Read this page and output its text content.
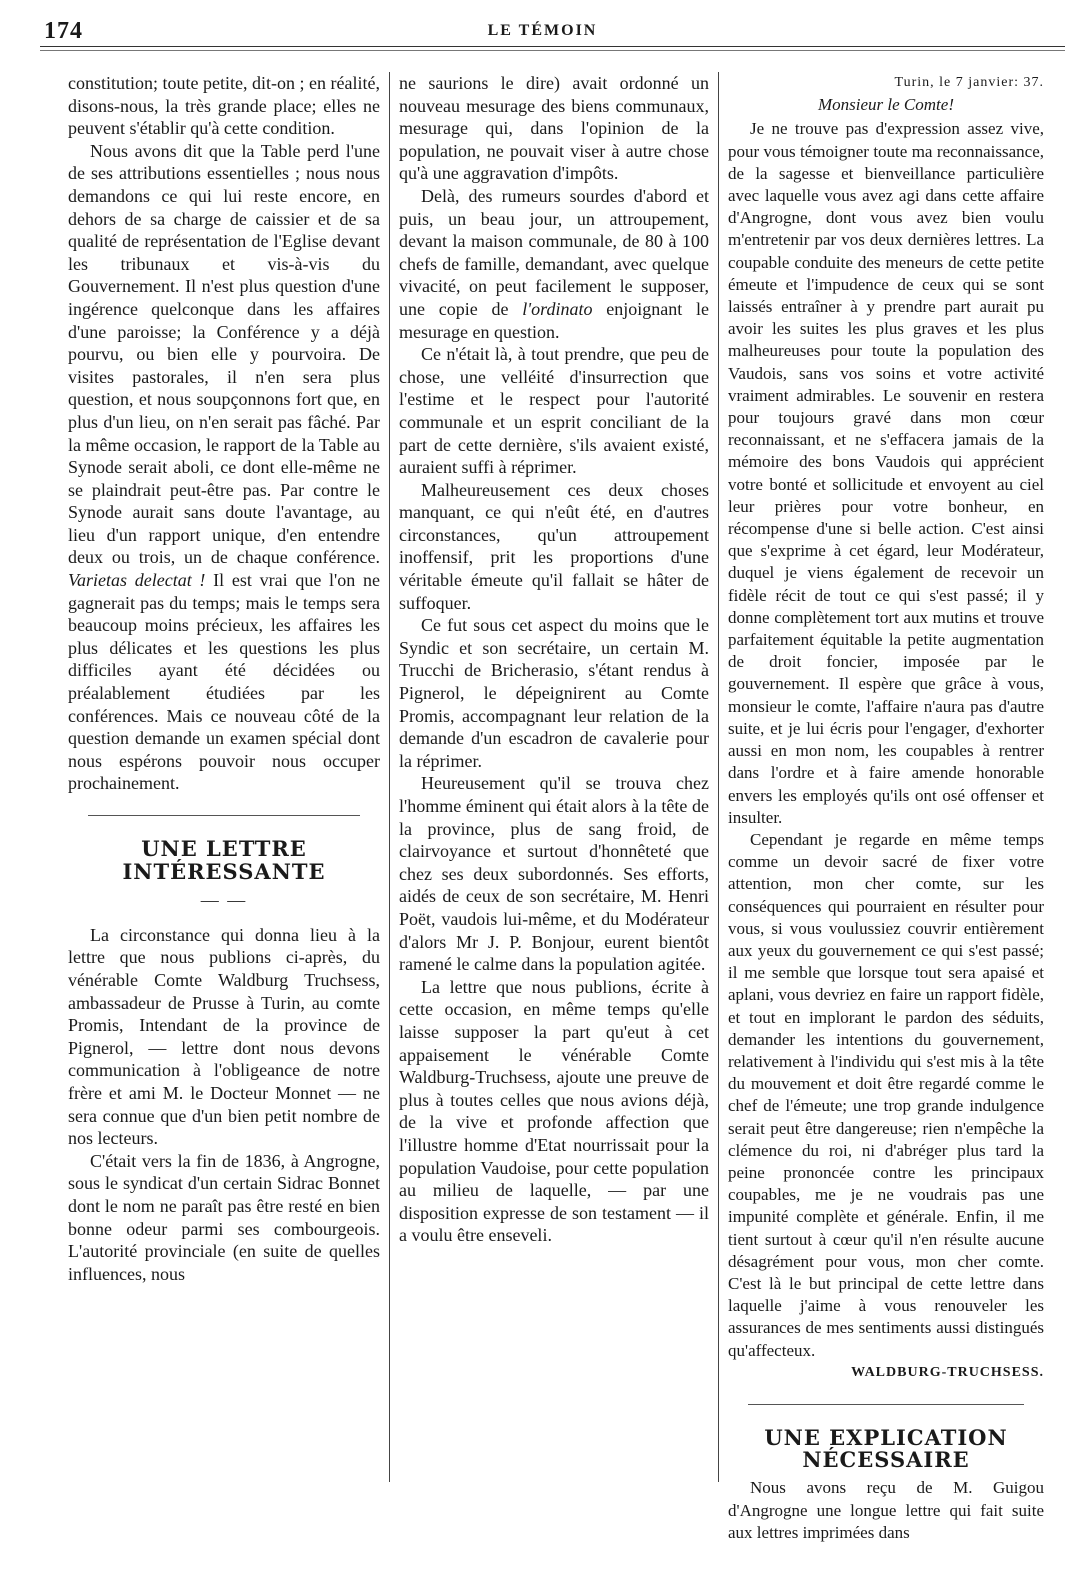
174	LE TÉMOIN

constitution; toute petite, dit-on ; en réalité, disons-nous, la très grande place; elles ne peuvent s'établir qu'à cette condition.

Nous avons dit que la Table perd l'une de ses attributions essentielles ; nous nous demandons ce qui lui reste encore, en dehors de sa charge de caissier et de sa qualité de représentation de l'Eglise devant les tribunaux et vis-à-vis du Gouvernement. Il n'est plus question d'une ingérence quelconque dans les affaires d'une paroisse; la Conférence y a déjà pourvu, ou bien elle y pourvoira. De visites pastorales, il n'en sera plus question, et nous soupçonnons fort que, en plus d'un lieu, on n'en serait pas fâché. Par la même occasion, le rapport de la Table au Synode serait aboli, ce dont elle-même ne se plaindrait peut-être pas. Par contre le Synode aurait sans doute l'avantage, au lieu d'un rapport unique, d'en entendre deux ou trois, un de chaque conférence. Varietas delectat ! Il est vrai que l'on ne gagnerait pas du temps; mais le temps sera beaucoup moins précieux, les affaires les plus délicates et les questions les plus difficiles ayant été décidées ou préalablement étudiées par les conférences. Mais ce nouveau côté de la question demande un examen spécial dont nous espérons pouvoir nous occuper prochainement.

UNE LETTRE INTÉRESSANTE
— —

La circonstance qui donna lieu à la lettre que nous publions ci-après, du vénérable Comte Waldburg Truchsess, ambassadeur de Prusse à Turin, au comte Promis, Intendant de la province de Pignerol, — lettre dont nous devons communication à l'obligeance de notre frère et ami M. le Docteur Monnet — ne sera connue que d'un bien petit nombre de nos lecteurs.

C'était vers la fin de 1836, à Angrogne, sous le syndicat d'un certain Sidrac Bonnet dont le nom ne paraît pas être resté en bien bonne odeur parmi ses combourgeois. L'autorité provinciale (en suite de quelles influences, nous

ne saurions le dire) avait ordonné un nouveau mesurage des biens communaux, mesurage qui, dans l'opinion de la population, ne pouvait viser à autre chose qu'à une aggravation d'impôts.

Delà, des rumeurs sourdes d'abord et puis, un beau jour, un attroupement, devant la maison communale, de 80 à 100 chefs de famille, demandant, avec quelque vivacité, on peut facilement le supposer, une copie de l'ordinato enjoignant le mesurage en question.

Ce n'était là, à tout prendre, que peu de chose, une velléité d'insurrection que l'estime et le respect pour l'autorité communale et un esprit conciliant de la part de cette dernière, s'ils avaient existé, auraient suffi à réprimer.

Malheureusement ces deux choses manquant, ce qui n'eût été, en d'autres circonstances, qu'un attroupement inoffensif, prit les proportions d'une véritable émeute qu'il fallait se hâter de suffoquer.

Ce fut sous cet aspect du moins que le Syndic et son secrétaire, un certain M. Trucchi de Bricherasio, s'étant rendus à Pignerol, le dépeignirent au Comte Promis, accompagnant leur relation de la demande d'un escadron de cavalerie pour la réprimer.

Heureusement qu'il se trouva chez l'homme éminent qui était alors à la tête de la province, plus de sang froid, de clairvoyance et surtout d'honnêteté que chez ses deux subordonnés. Ses efforts, aidés de ceux de son secrétaire, M. Henri Poët, vaudois lui-même, et du Modérateur d'alors Mr J. P. Bonjour, eurent bientôt ramené le calme dans la population agitée.

La lettre que nous publions, écrite à cette occasion, en même temps qu'elle laisse supposer la part qu'eut à cet appaisement le vénérable Comte Waldburg-Truchsess, ajoute une preuve de plus à toutes celles que nous avions déjà, de la vive et profonde affection que l'illustre homme d'Etat nourrissait pour la population Vaudoise, pour cette population au milieu de laquelle, — par une disposition expresse de son testament — il a voulu être enseveli.

Turin, le 7 janvier: 37.
Monsieur le Comte!

Je ne trouve pas d'expression assez vive, pour vous témoigner toute ma reconnaissance, de la sagesse et bienveillance particulière avec laquelle vous avez agi dans cette affaire d'Angrogne, dont vous avez bien voulu m'entretenir par vos deux dernières lettres. La coupable conduite des meneurs de cette petite émeute et l'impudence de ceux qui se sont laissés entraîner à y prendre part aurait pu avoir les suites les plus graves et les plus malheureuses pour toute la population des Vaudois, sans vos soins et votre activité vraiment admirables. Le souvenir en restera pour toujours gravé dans mon cœur reconnaissant, et ne s'effacera jamais de la mémoire des bons Vaudois qui apprécient votre bonté et sollicitude et envoyent au ciel leur prières pour votre bonheur, en récompense d'une si belle action. C'est ainsi que s'exprime à cet égard, leur Modérateur, duquel je viens également de recevoir un fidèle récit de tout ce qui s'est passé; il y donne complètement tort aux mutins et trouve parfaitement équitable la petite augmentation de droit foncier, imposée par le gouvernement. Il espère que grâce à vous, monsieur le comte, l'affaire n'aura pas d'autre suite, et je lui écris pour l'engager, d'exhorter aussi en mon nom, les coupables à rentrer dans l'ordre et à faire amende honorable envers les employés qu'ils ont osé offenser et insulter.

Cependant je regarde en même temps comme un devoir sacré de fixer votre attention, mon cher comte, sur les conséquences qui pourraient en résulter pour vous, si vous voulussiez couvrir entièrement aux yeux du gouvernement ce qui s'est passé; il me semble que lorsque tout sera apaisé et aplani, vous devriez en faire un rapport fidèle, et tout en implorant le pardon des séduits, demander les intentions du gouvernement, relativement à l'individu qui s'est mis à la tête du mouvement et doit être regardé comme le chef de l'émeute; une trop grande indulgence serait peut être dangereuse; rien n'empêche la clémence du roi, ni d'abréger plus tard la peine prononcée contre les principaux coupables, me je ne voudrais pas une impunité complète et générale. Enfin, il me tient surtout à cœur qu'il n'en résulte aucune désagrément pour vous, mon cher comte. C'est là le but principal de cette lettre dans laquelle j'aime à vous renouveler les assurances de mes sentiments aussi distingués qu'affecteux.

WALDBURG-TRUCHSESS.
UNE EXPLICATION NÉCESSAIRE

Nous avons reçu de M. Guigou d'Angrogne une longue lettre qui fait suite aux lettres imprimées dans
